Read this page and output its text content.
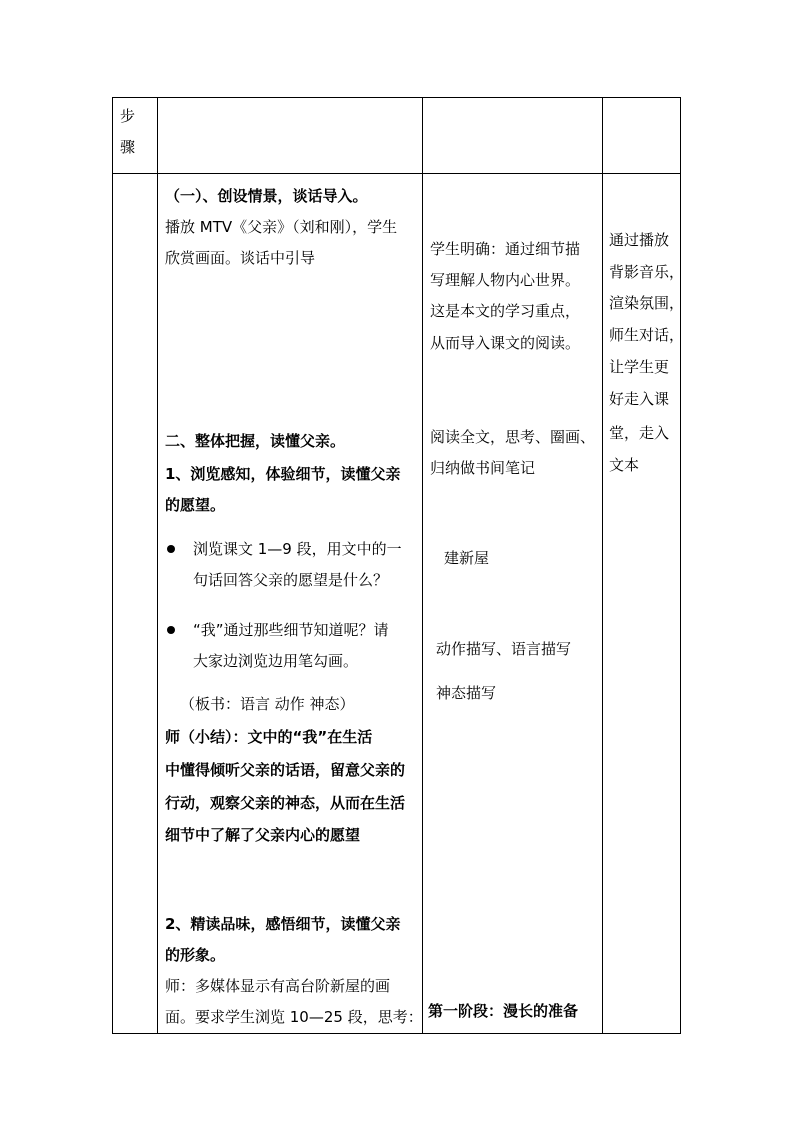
步
骤
（一）、创设情景，谈话导入。
播放 MTV《父亲》（刘和刚），学生
欣赏画面。谈话中引导
二、整体把握，读懂父亲。
1、浏览感知，体验细节，读懂父亲
的愿望。
浏览课文 1—9 段，用文中的一
句话回答父亲的愿望是什么？
“我”通过那些细节知道呢？请
大家边浏览边用笔勾画。
（板书：语言 动作 神态）
师（小结）：文中的“我”在生活
中懂得倾听父亲的话语，留意父亲的
行动，观察父亲的神态，从而在生活
细节中了解了父亲内心的愿望
2、精读品味，感悟细节，读懂父亲
的形象。
师：多媒体显示有高台阶新屋的画
面。要求学生浏览 10—25 段，思考：
学生明确：通过细节描
写理解人物内心世界。
这是本文的学习重点，
从而导入课文的阅读。
阅读全文，思考、圈画、
归纳做书间笔记
建新屋
动作描写、语言描写
神态描写
第一阶段：漫长的准备
通过播放
背影音乐，
渲染氛围，
师生对话，
让学生更
好走入课
堂，走入
文本
